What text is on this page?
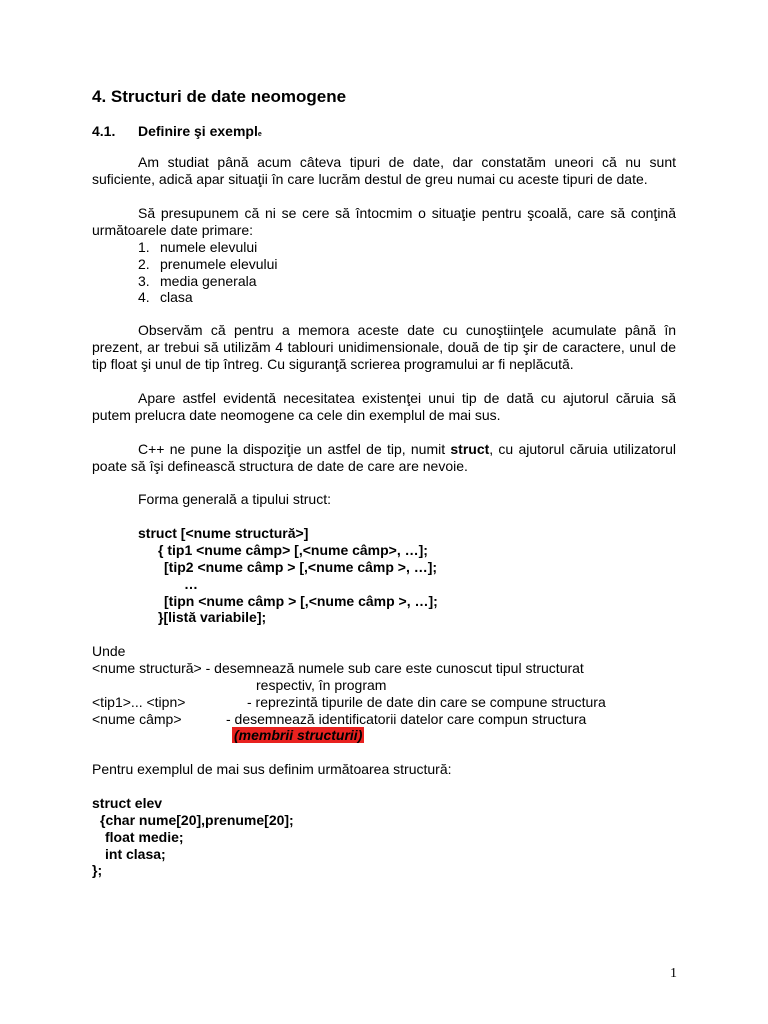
4. Structuri de date neomogene
4.1. Definire şi exemple
Am studiat până acum câteva tipuri de date, dar constatăm uneori că nu sunt suficiente, adică apar situaţii în care lucrăm destul de greu numai cu aceste tipuri de date.
Să presupunem că ni se cere să întocmim o situaţie pentru şcoală, care să conţină următoarele date primare:
1. numele elevului
2. prenumele elevului
3. media generala
4. clasa
Observăm că pentru a memora aceste date cu cunoştiinţele acumulate până în prezent, ar trebui să utilizăm 4 tablouri unidimensionale, două de tip şir de caractere, unul de tip float şi unul de tip întreg. Cu siguranţă scrierea programului ar fi neplăcută.
Apare astfel evidentă necesitatea existenţei unui tip de dată cu ajutorul căruia să putem prelucra date neomogene ca cele din exemplul de mai sus.
C++ ne pune la dispoziţie un astfel de tip, numit struct, cu ajutorul căruia utilizatorul poate să îşi definească structura de date de care are nevoie.
Forma generală a tipului struct:
struct [<nume structură>]
{ tip1 <nume câmp> [,<nume câmp>, …];
[tip2 <nume câmp > [,<nume câmp >, …];
…
[tipn <nume câmp > [,<nume câmp >, …];
}[listă variabile];
Unde
<nume structură> - desemnează numele sub care este cunoscut tipul structurat
respectiv, în program
<tip1>... <tipn>	- reprezintă tipurile de date din care se compune structura
<nume câmp>	- desemnează identificatorii datelor care compun structura
(membrii structurii)
Pentru exemplul de mai sus definim următoarea structură:
struct elev
{char nume[20],prenume[20];
float medie;
int clasa;
};
1
